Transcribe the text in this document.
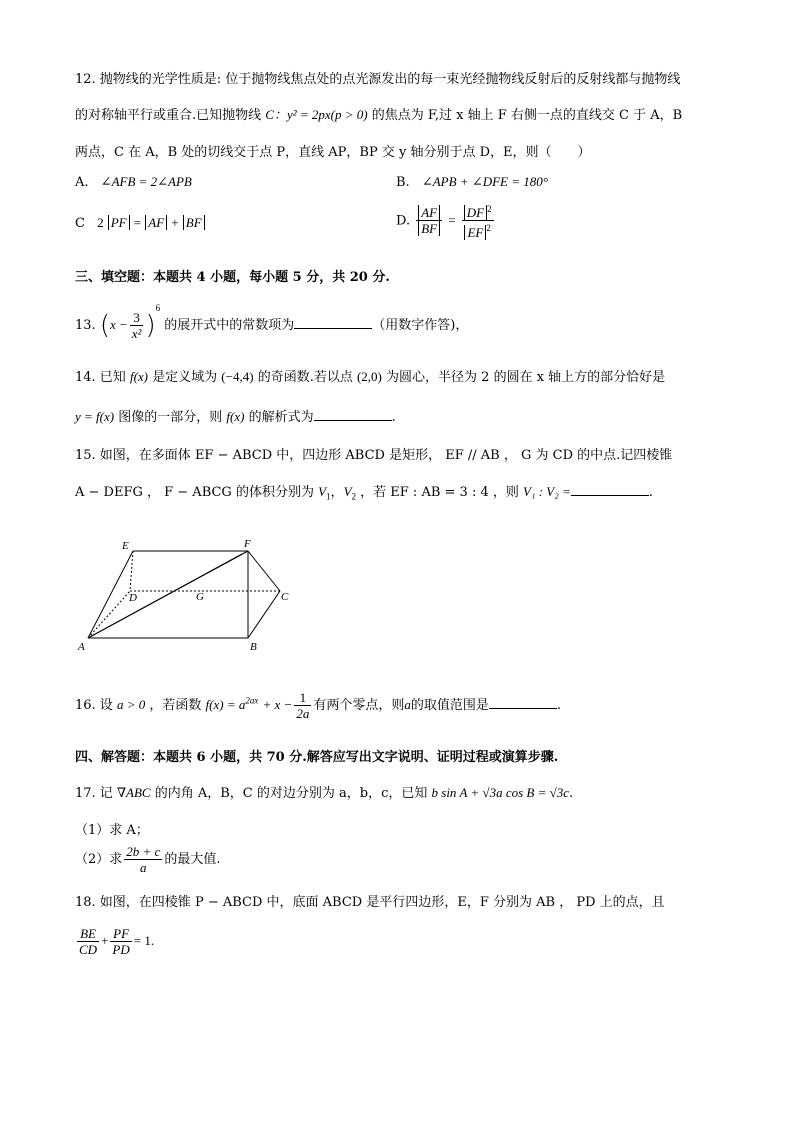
12. 抛物线的光学性质是: 位于抛物线焦点处的点光源发出的每一束光经抛物线反射后的反射线都与抛物线
的对称轴平行或重合.已知抛物线 C：y² = 2px(p > 0) 的焦点为 F,过 x 轴上 F 右侧一点的直线交 C 于 A，B
两点，C 在 A，B 处的切线交于点 P，直线 AP，BP 交 y 轴分别于点 D，E，则（　　）
A. ∠AFB = 2∠APB	B. ∠APB + ∠DFE = 180°
C 2 PF = AF + BF	D. $\frac{AF}{BF} = \frac{DF ^2}{EF ^2}$
三、填空题：本题共 4 小题，每小题 5 分，共 20 分.
13. $(x - \frac{3}{\text{x²}} )^6$ 的展开式中的常数项为	（用数字作答)，
14. 已知 f(x) 是定义域为 (−4,4) 的奇函数.若以点 (2,0) 为圆心，半径为 2 的圆在 x 轴上方的部分恰好是
y = f(x) 图像的一部分，则 f(x) 的解析式为	.
15. 如图，在多面体 EF − ABCD 中，四边形 ABCD 是矩形， EF // AB ， G 为 CD 的中点.记四棱锥
A − DEFG ， F − ABCG 的体积分别为 $V_1$，$V_2$ ，若 EF : AB = 3 : 4 ，则 V₁ : V₂ =	.
E	F
D	G	C
A	B
16. 设 a > 0 ，若函数 $f(x) = a^{2ax} + x - \frac{1}{2a}$ 有两个零点，则a的取值范围是	.
四、解答题：本题共 6 小题，共 70 分.解答应写出文字说明、证明过程或演算步骤.
17. 记 ∇ABC 的内角 A，B，C 的对边分别为 a，b，c，已知 b sin A + √3a cos B = √3c.
（1）求 A；
（2）求 $\frac{2b + c}{a}$ 的最大值.
18. 如图，在四棱锥 P − ABCD 中，底面 ABCD 是平行四边形，E，F 分别为 AB ， PD 上的点，且
$\frac{BE}{CD} + \frac{PF}{PD} = 1$.
